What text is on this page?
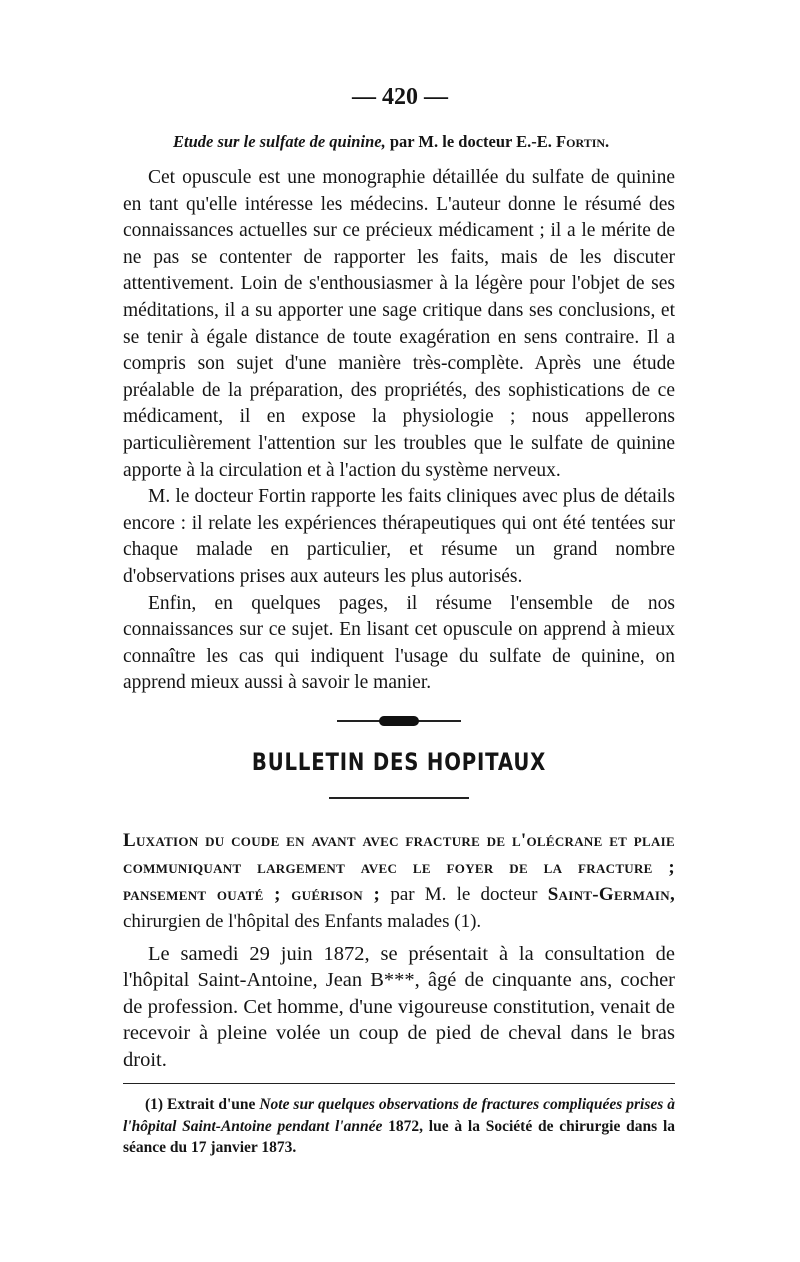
— 420 —
Etude sur le sulfate de quinine, par M. le docteur E.-E. Fortin.

Cet opuscule est une monographie détaillée du sulfate de quinine en tant qu'elle intéresse les médecins. L'auteur donne le résumé des connaissances actuelles sur ce précieux médicament ; il a le mérite de ne pas se contenter de rapporter les faits, mais de les discuter attentivement. Loin de s'enthousiasmer à la légère pour l'objet de ses méditations, il a su apporter une sage critique dans ses conclusions, et se tenir à égale distance de toute exagération en sens contraire. Il a compris son sujet d'une manière très-complète. Après une étude préalable de la préparation, des propriétés, des sophistications de ce médicament, il en expose la physiologie ; nous appellerons particulièrement l'attention sur les troubles que le sulfate de quinine apporte à la circulation et à l'action du système nerveux.

M. le docteur Fortin rapporte les faits cliniques avec plus de détails encore : il relate les expériences thérapeutiques qui ont été tentées sur chaque malade en particulier, et résume un grand nombre d'observations prises aux auteurs les plus autorisés.

Enfin, en quelques pages, il résume l'ensemble de nos connaissances sur ce sujet. En lisant cet opuscule on apprend à mieux connaître les cas qui indiquent l'usage du sulfate de quinine, on apprend mieux aussi à savoir le manier.

BULLETIN DES HOPITAUX

Luxation du coude en avant avec fracture de l'olécrane et plaie communiquant largement avec le foyer de la fracture ; pansement ouaté ; guérison ; par M. le docteur Saint-Germain, chirurgien de l'hôpital des Enfants malades (1).

Le samedi 29 juin 1872, se présentait à la consultation de l'hôpital Saint-Antoine, Jean B***, âgé de cinquante ans, cocher de profession. Cet homme, d'une vigoureuse constitution, venait de recevoir à pleine volée un coup de pied de cheval dans le bras droit.

(1) Extrait d'une Note sur quelques observations de fractures compliquées prises à l'hôpital Saint-Antoine pendant l'année 1872, lue à la Société de chirurgie dans la séance du 17 janvier 1873.
